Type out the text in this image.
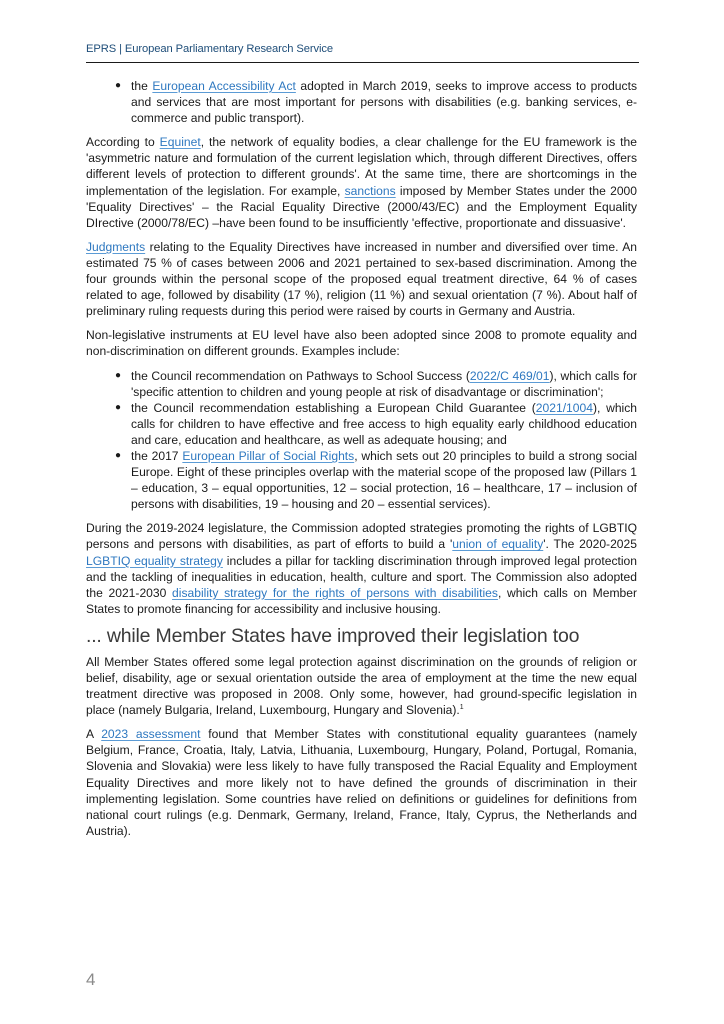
EPRS | European Parliamentary Research Service
● the European Accessibility Act adopted in March 2019, seeks to improve access to products and services that are most important for persons with disabilities (e.g. banking services, e-commerce and public transport).

According to Equinet, the network of equality bodies, a clear challenge for the EU framework is the 'asymmetric nature and formulation of the current legislation which, through different Directives, offers different levels of protection to different grounds'. At the same time, there are shortcomings in the implementation of the legislation. For example, sanctions imposed by Member States under the 2000 'Equality Directives' – the Racial Equality Directive (2000/43/EC) and the Employment Equality DIrective (2000/78/EC) –have been found to be insufficiently 'effective, proportionate and dissuasive'.

Judgments relating to the Equality Directives have increased in number and diversified over time. An estimated 75 % of cases between 2006 and 2021 pertained to sex-based discrimination. Among the four grounds within the personal scope of the proposed equal treatment directive, 64 % of cases related to age, followed by disability (17 %), religion (11 %) and sexual orientation (7 %). About half of preliminary ruling requests during this period were raised by courts in Germany and Austria.

Non-legislative instruments at EU level have also been adopted since 2008 to promote equality and non-discrimination on different grounds. Examples include:

● the Council recommendation on Pathways to School Success (2022/C 469/01), which calls for 'specific attention to children and young people at risk of disadvantage or discrimination';
● the Council recommendation establishing a European Child Guarantee (2021/1004), which calls for children to have effective and free access to high equality early childhood education and care, education and healthcare, as well as adequate housing; and
● the 2017 European Pillar of Social Rights, which sets out 20 principles to build a strong social Europe. Eight of these principles overlap with the material scope of the proposed law (Pillars 1 – education, 3 – equal opportunities, 12 – social protection, 16 – healthcare, 17 – inclusion of persons with disabilities, 19 – housing and 20 – essential services).

During the 2019-2024 legislature, the Commission adopted strategies promoting the rights of LGBTIQ persons and persons with disabilities, as part of efforts to build a 'union of equality'. The 2020-2025 LGBTIQ equality strategy includes a pillar for tackling discrimination through improved legal protection and the tackling of inequalities in education, health, culture and sport. The Commission also adopted the 2021-2030 disability strategy for the rights of persons with disabilities, which calls on Member States to promote financing for accessibility and inclusive housing.

... while Member States have improved their legislation too

All Member States offered some legal protection against discrimination on the grounds of religion or belief, disability, age or sexual orientation outside the area of employment at the time the new equal treatment directive was proposed in 2008. Only some, however, had ground-specific legislation in place (namely Bulgaria, Ireland, Luxembourg, Hungary and Slovenia).$^1$

A 2023 assessment found that Member States with constitutional equality guarantees (namely Belgium, France, Croatia, Italy, Latvia, Lithuania, Luxembourg, Hungary, Poland, Portugal, Romania, Slovenia and Slovakia) were less likely to have fully transposed the Racial Equality and Employment Equality Directives and more likely not to have defined the grounds of discrimination in their implementing legislation. Some countries have relied on definitions or guidelines for definitions from national court rulings (e.g. Denmark, Germany, Ireland, France, Italy, Cyprus, the Netherlands and Austria).

4
